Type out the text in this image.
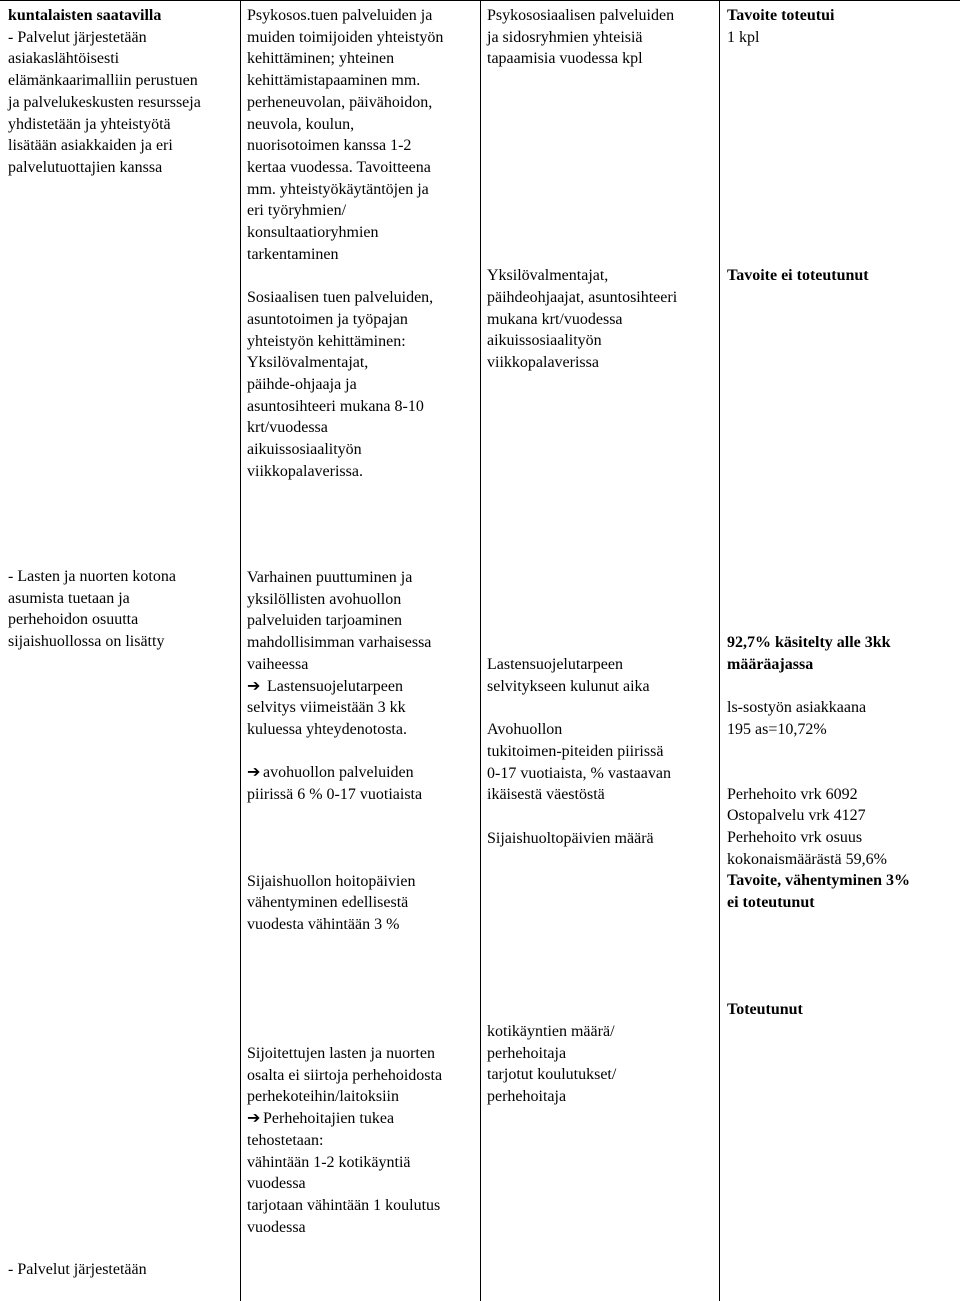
kuntalaisten saatavilla

- Palvelut järjestetään

asiakaslähtöisesti

elämänkaarimalliin perustuen

ja palvelukeskusten resursseja

yhdistetään ja yhteistyötä

lisätään asiakkaiden ja eri

palvelutuottajien kanssa

Psykosos.tuen palveluiden ja

muiden toimijoiden yhteistyön

kehittäminen; yhteinen

kehittämistapaaminen mm.

perheneuvolan, päivähoidon,

neuvola, koulun,

nuorisotoimen kanssa 1-2

kertaa vuodessa. Tavoitteena

mm. yhteistyökäytäntöjen ja

eri työryhmien/

konsultaatioryhmien

tarkentaminen

Sosiaalisen tuen palveluiden,

asuntotoimen ja työpajan

yhteistyön kehittäminen:

Yksilövalmentajat,

päihde-ohjaaja ja

asuntosihteeri mukana 8-10

krt/vuodessa

aikuissosiaalityön

viikkopalaverissa.

Psykososiaalisen palveluiden

ja sidosryhmien yhteisiä

tapaamisia vuodessa kpl

Yksilövalmentajat,

päihdeohjaajat, asuntosihteeri

mukana krt/vuodessa

aikuissosiaalityön

viikkopalaverissa

Tavoite toteutui

1 kpl

Tavoite ei toteutunut

- Lasten ja nuorten kotona

asumista tuetaan ja

perhehoidon osuutta

sijaishuollossa on lisätty

Varhainen puuttuminen ja

yksilöllisten avohuollon

palveluiden tarjoaminen

mahdollisimman varhaisessa

vaiheessa

➔ Lastensuojelutarpeen

selvitys viimeistään 3 kk

kuluessa yhteydenotosta.

➔ avohuollon palveluiden

piirissä 6 % 0-17 vuotiaista

Sijaishuollon hoitopäivien

vähentyminen edellisestä

vuodesta vähintään 3 %

Lastensuojelutarpeen

selvitykseen kulunut aika

Avohuollon

tukitoimen-piteiden piirissä

0-17 vuotiaista, % vastaavan

ikäisestä väestöstä

Sijaishuoltopäivien määrä

92,7% käsitelty alle 3kk

määräajassa

ls-sostyön asiakkaana

195 as=10,72%

Perhehoito vrk 6092

Ostopalvelu vrk 4127

Perhehoito vrk osuus

kokonaismäärästä 59,6%

Tavoite, vähentyminen 3%

ei toteutunut

- Palvelut järjestetään

Sijoitettujen lasten ja nuorten

osalta ei siirtoja perhehoidosta

perhekoteihin/laitoksiin

➔ Perhehoitajien tukea

tehostetaan:

vähintään 1-2 kotikäyntiä

vuodessa

tarjotaan vähintään 1 koulutus

vuodessa

kotikäyntien määrä/

perhehoitaja

tarjotut koulutukset/

perhehoitaja

Toteutunut
